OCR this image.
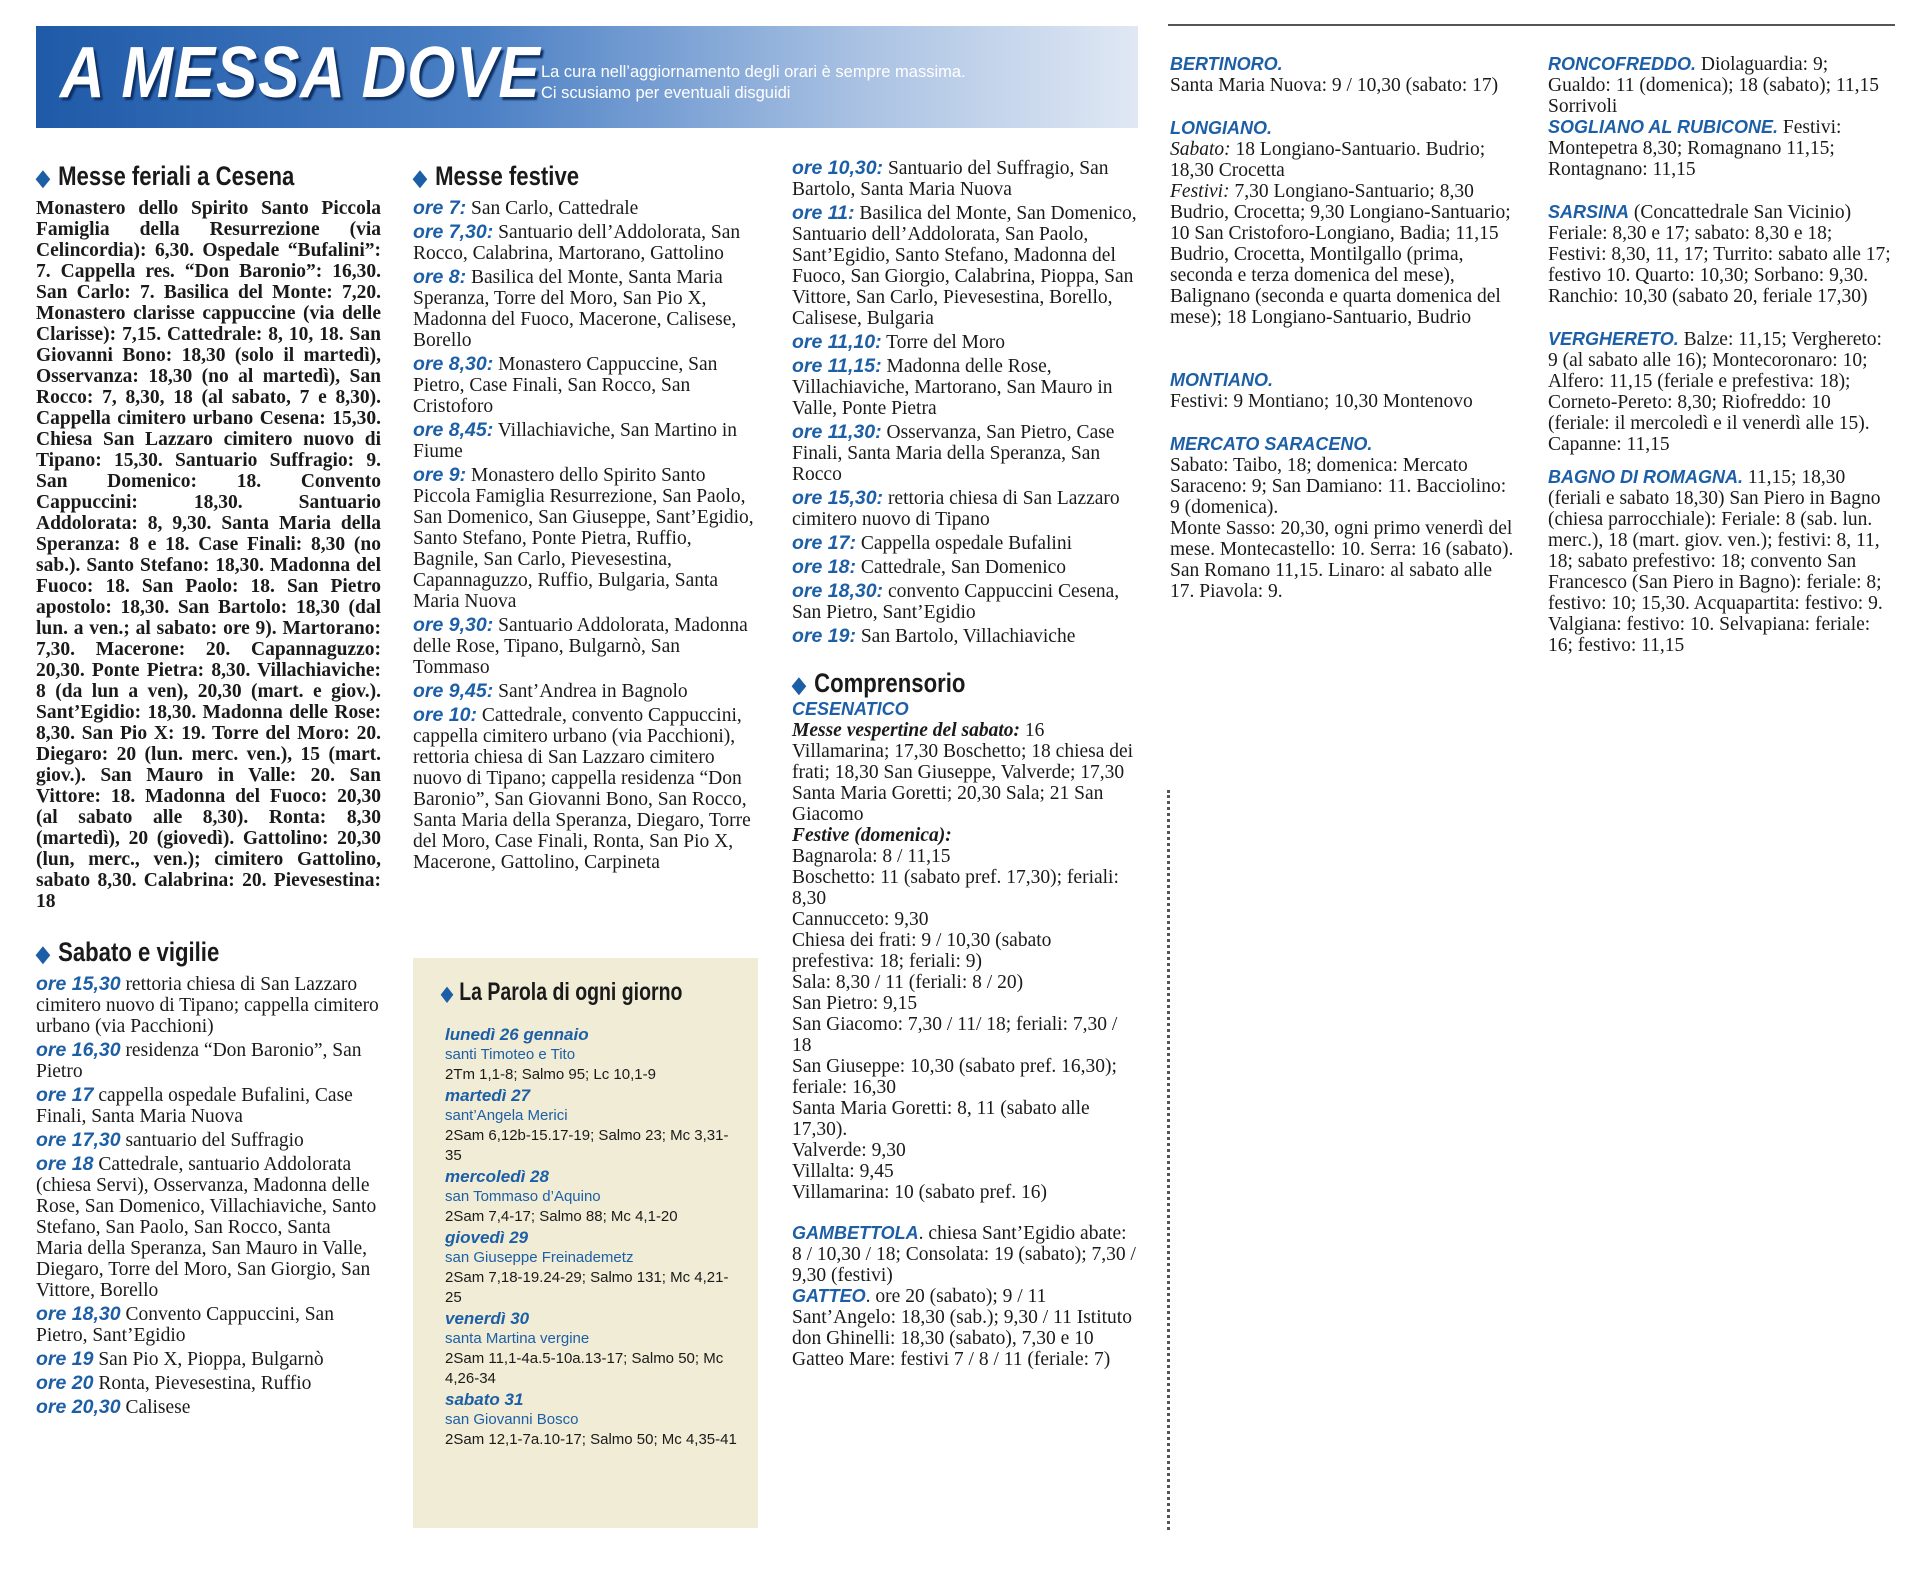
A MESSA DOVE La cura nell’aggiornamento degli orari è sempre massima.
Ci scusiamo per eventuali disguidi
◆ Messe feriali a Cesena
Monastero dello Spirito Santo Piccola Famiglia della Resurrezione (via Celincordia): 6,30. Ospedale “Bufalini”: 7. Cappella res. “Don Baronio”: 16,30. San Carlo: 7. Basilica del Monte: 7,20. Monastero clarisse cappuccine (via delle Clarisse): 7,15. Cattedrale: 8, 10, 18. San Giovanni Bono: 18,30 (solo il martedì), Osservanza: 18,30 (no al martedì), San Rocco: 7, 8,30, 18 (al sabato, 7 e 8,30). Cappella cimitero urbano Cesena: 15,30. Chiesa San Lazzaro cimitero nuovo di Tipano: 15,30. Santuario Suffragio: 9. San Domenico: 18. Convento Cappuccini: 18,30. Santuario Addolorata: 8, 9,30. Santa Maria della Speranza: 8 e 18. Case Finali: 8,30 (no sab.). Santo Stefano: 18,30. Madonna del Fuoco: 18. San Paolo: 18. San Pietro apostolo: 18,30. San Bartolo: 18,30 (dal lun. a ven.; al sabato: ore 9). Martorano: 7,30. Macerone: 20. Capannaguzzo: 20,30. Ponte Pietra: 8,30. Villachiaviche: 8 (da lun a ven), 20,30 (mart. e giov.). Sant’Egidio: 18,30. Madonna delle Rose: 8,30. San Pio X: 19. Torre del Moro: 20. Diegaro: 20 (lun. merc. ven.), 15 (mart. giov.). San Mauro in Valle: 20. San Vittore: 18. Madonna del Fuoco: 20,30 (al sabato alle 8,30). Ronta: 8,30 (martedì), 20 (giovedì). Gattolino: 20,30 (lun, merc., ven.); cimitero Gattolino, sabato 8,30. Calabrina: 20. Pievesestina: 18
◆ Sabato e vigilie
ore 15,30 rettoria chiesa di San Lazzaro cimitero nuovo di Tipano; cappella cimitero urbano (via Pacchioni)
ore 16,30 residenza “Don Baronio”, San Pietro
ore 17 cappella ospedale Bufalini, Case Finali, Santa Maria Nuova
ore 17,30 santuario del Suffragio
ore 18 Cattedrale, santuario Addolorata (chiesa Servi), Osservanza, Madonna delle Rose, San Domenico, Villachiaviche, Santo Stefano, San Paolo, San Rocco, Santa Maria della Speranza, San Mauro in Valle, Diegaro, Torre del Moro, San Giorgio, San Vittore, Borello
ore 18,30 Convento Cappuccini, San Pietro, Sant’Egidio
ore 19 San Pio X, Pioppa, Bulgarnò
ore 20 Ronta, Pievesestina, Ruffio
ore 20,30 Calisese
◆ Messe festive
ore 7: San Carlo, Cattedrale
ore 7,30: Santuario dell’Addolorata, San Rocco, Calabrina, Martorano, Gattolino
ore 8: Basilica del Monte, Santa Maria Speranza, Torre del Moro, San Pio X, Madonna del Fuoco, Macerone, Calisese, Borello
ore 8,30: Monastero Cappuccine, San Pietro, Case Finali, San Rocco, San Cristoforo
ore 8,45: Villachiaviche, San Martino in Fiume
ore 9: Monastero dello Spirito Santo Piccola Famiglia Resurrezione, San Paolo, San Domenico, San Giuseppe, Sant’Egidio, Santo Stefano, Ponte Pietra, Ruffio, Bagnile, San Carlo, Pievesestina, Capannaguzzo, Ruffio, Bulgaria, Santa Maria Nuova
ore 9,30: Santuario Addolorata, Madonna delle Rose, Tipano, Bulgarnò, San Tommaso
ore 9,45: Sant’Andrea in Bagnolo
ore 10: Cattedrale, convento Cappuccini, cappella cimitero urbano (via Pacchioni), rettoria chiesa di San Lazzaro cimitero nuovo di Tipano; cappella residenza “Don Baronio”, San Giovanni Bono, San Rocco, Santa Maria della Speranza, Diegaro, Torre del Moro, Case Finali, Ronta, San Pio X, Macerone, Gattolino, Carpineta
◆ La Parola di ogni giorno
lunedì 26 gennaio
santi Timoteo e Tito
2Tm 1,1-8; Salmo 95; Lc 10,1-9
martedì 27
sant’Angela Merici
2Sam 6,12b-15.17-19; Salmo 23; Mc 3,31-35
mercoledì 28
san Tommaso d’Aquino
2Sam 7,4-17; Salmo 88; Mc 4,1-20
giovedì 29
san Giuseppe Freinademetz
2Sam 7,18-19.24-29; Salmo 131; Mc 4,21-25
venerdì 30
santa Martina vergine
2Sam 11,1-4a.5-10a.13-17; Salmo 50; Mc 4,26-34
sabato 31
san Giovanni Bosco
2Sam 12,1-7a.10-17; Salmo 50; Mc 4,35-41
ore 10,30: Santuario del Suffragio, San Bartolo, Santa Maria Nuova
ore 11: Basilica del Monte, San Domenico, Santuario dell’Addolorata, San Paolo, Sant’Egidio, Santo Stefano, Madonna del Fuoco, San Giorgio, Calabrina, Pioppa, San Vittore, San Carlo, Pievesestina, Borello, Calisese, Bulgaria
ore 11,10: Torre del Moro
ore 11,15: Madonna delle Rose, Villachiaviche, Martorano, San Mauro in Valle, Ponte Pietra
ore 11,30: Osservanza, San Pietro, Case Finali, Santa Maria della Speranza, San Rocco
ore 15,30: rettoria chiesa di San Lazzaro cimitero nuovo di Tipano
ore 17: Cappella ospedale Bufalini
ore 18: Cattedrale, San Domenico
ore 18,30: convento Cappuccini Cesena, San Pietro, Sant’Egidio
ore 19: San Bartolo, Villachiaviche
◆ Comprensorio
CESENATICO
Messe vespertine del sabato: 16 Villamarina; 17,30 Boschetto; 18 chiesa dei frati; 18,30 San Giuseppe, Valverde; 17,30 Santa Maria Goretti; 20,30 Sala; 21 San Giacomo
Festive (domenica):
Bagnarola: 8 / 11,15
Boschetto: 11 (sabato pref. 17,30); feriali: 8,30
Cannucceto: 9,30
Chiesa dei frati: 9 / 10,30 (sabato prefestiva: 18; feriali: 9)
Sala: 8,30 / 11 (feriali: 8 / 20)
San Pietro: 9,15
San Giacomo: 7,30 / 11/ 18; feriali: 7,30 / 18
San Giuseppe: 10,30 (sabato pref. 16,30); feriale: 16,30
Santa Maria Goretti: 8, 11 (sabato alle 17,30).
Valverde: 9,30
Villalta: 9,45
Villamarina: 10 (sabato pref. 16)
GAMBETTOLA. chiesa Sant’Egidio abate: 8 / 10,30 / 18; Consolata: 19 (sabato); 7,30 / 9,30 (festivi)
GATTEO. ore 20 (sabato); 9 / 11 Sant’Angelo: 18,30 (sab.); 9,30 / 11 Istituto don Ghinelli: 18,30 (sabato), 7,30 e 10 Gatteo Mare: festivi 7 / 8 / 11 (feriale: 7)
BERTINORO.
Santa Maria Nuova: 9 / 10,30 (sabato: 17)
LONGIANO.
Sabato: 18 Longiano-Santuario. Budrio; 18,30 Crocetta
Festivi: 7,30 Longiano-Santuario; 8,30 Budrio, Crocetta; 9,30 Longiano-Santuario; 10 San Cristoforo-Longiano, Badia; 11,15 Budrio, Crocetta, Montilgallo (prima, seconda e terza domenica del mese), Balignano (seconda e quarta domenica del mese); 18 Longiano-Santuario, Budrio
MONTIANO.
Festivi: 9 Montiano; 10,30 Montenovo
MERCATO SARACENO.
Sabato: Taibo, 18; domenica: Mercato Saraceno: 9; San Damiano: 11. Bacciolino: 9 (domenica).
Monte Sasso: 20,30, ogni primo venerdì del mese. Montecastello: 10. Serra: 16 (sabato). San Romano 11,15. Linaro: al sabato alle 17. Piavola: 9.
RONCOFREDDO. Diolaguardia: 9; Gualdo: 11 (domenica); 18 (sabato); 11,15 Sorrivoli
SOGLIANO AL RUBICONE. Festivi: Montepetra 8,30; Romagnano 11,15; Rontagnano: 11,15
SARSINA (Concattedrale San Vicinio) Feriale: 8,30 e 17; sabato: 8,30 e 18; Festivi: 8,30, 11, 17; Turrito: sabato alle 17; festivo 10. Quarto: 10,30; Sorbano: 9,30. Ranchio: 10,30 (sabato 20, feriale 17,30)
VERGHERETO. Balze: 11,15; Verghereto: 9 (al sabato alle 16); Montecoronaro: 10; Alfero: 11,15 (feriale e prefestiva: 18); Corneto-Pereto: 8,30; Riofreddo: 10 (feriale: il mercoledì e il venerdì alle 15). Capanne: 11,15
BAGNO DI ROMAGNA. 11,15; 18,30 (feriali e sabato 18,30) San Piero in Bagno (chiesa parrocchiale): Feriale: 8 (sab. lun. merc.), 18 (mart. giov. ven.); festivi: 8, 11, 18; sabato prefestivo: 18; convento San Francesco (San Piero in Bagno): feriale: 8; festivo: 10; 15,30. Acquapartita: festivo: 9. Valgiana: festivo: 10. Selvapiana: feriale: 16; festivo: 11,15
